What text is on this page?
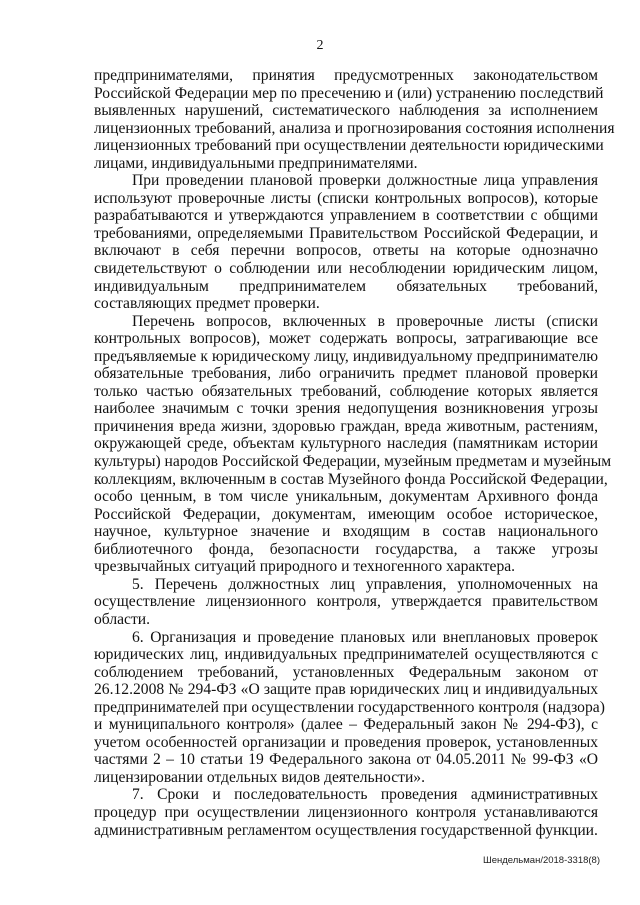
2

предпринимателями, принятия предусмотренных законодательством
Российской Федерации мер по пресечению и (или) устранению последствий
выявленных нарушений, систематического наблюдения за исполнением
лицензионных требований, анализа и прогнозирования состояния исполнения
лицензионных требований при осуществлении деятельности юридическими
лицами, индивидуальными предпринимателями.

При проведении плановой проверки должностные лица управления
используют проверочные листы (списки контрольных вопросов), которые
разрабатываются и утверждаются управлением в соответствии с общими
требованиями, определяемыми Правительством Российской Федерации, и
включают в себя перечни вопросов, ответы на которые однозначно
свидетельствуют о соблюдении или несоблюдении юридическим лицом,
индивидуальным предпринимателем обязательных требований,
составляющих предмет проверки.

Перечень вопросов, включенных в проверочные листы (списки
контрольных вопросов), может содержать вопросы, затрагивающие все
предъявляемые к юридическому лицу, индивидуальному предпринимателю
обязательные требования, либо ограничить предмет плановой проверки
только частью обязательных требований, соблюдение которых является
наиболее значимым с точки зрения недопущения возникновения угрозы
причинения вреда жизни, здоровью граждан, вреда животным, растениям,
окружающей среде, объектам культурного наследия (памятникам истории
культуры) народов Российской Федерации, музейным предметам и музейным
коллекциям, включенным в состав Музейного фонда Российской Федерации,
особо ценным, в том числе уникальным, документам Архивного фонда
Российской Федерации, документам, имеющим особое историческое,
научное, культурное значение и входящим в состав национального
библиотечного фонда, безопасности государства, а также угрозы
чрезвычайных ситуаций природного и техногенного характера.

5. Перечень должностных лиц управления, уполномоченных на
осуществление лицензионного контроля, утверждается правительством
области.

6. Организация и проведение плановых или внеплановых проверок
юридических лиц, индивидуальных предпринимателей осуществляются с
соблюдением требований, установленных Федеральным законом от
26.12.2008 № 294-ФЗ «О защите прав юридических лиц и индивидуальных
предпринимателей при осуществлении государственного контроля (надзора)
и муниципального контроля» (далее – Федеральный закон № 294-ФЗ), с
учетом особенностей организации и проведения проверок, установленных
частями 2 – 10 статьи 19 Федерального закона от 04.05.2011 № 99-ФЗ «О
лицензировании отдельных видов деятельности».

7. Сроки и последовательность проведения административных
процедур при осуществлении лицензионного контроля устанавливаются
административным регламентом осуществления государственной функции.

Шендельман/2018-3318(8)
